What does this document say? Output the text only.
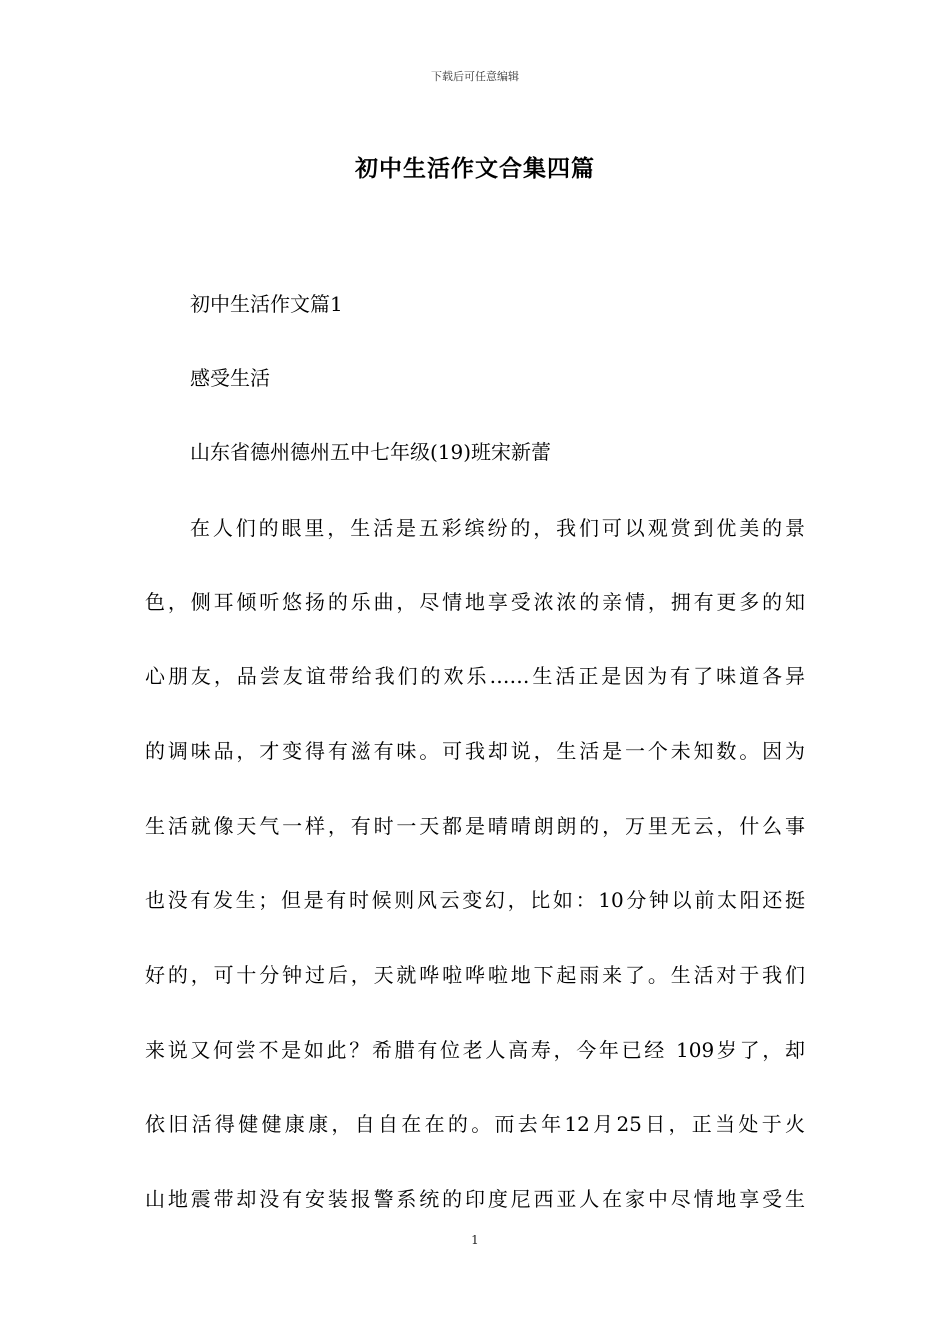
下载后可任意编辑
初中生活作文合集四篇
初中生活作文篇1
感受生活
山东省德州德州五中七年级(19)班宋新蕾
在人们的眼里，生活是五彩缤纷的，我们可以观赏到优美的景
色，侧耳倾听悠扬的乐曲，尽情地享受浓浓的亲情，拥有更多的知
心朋友，品尝友谊带给我们的欢乐……生活正是因为有了味道各异
的调味品，才变得有滋有味。可我却说，生活是一个未知数。因为
生活就像天气一样，有时一天都是晴晴朗朗的，万里无云，什么事
也没有发生；但是有时候则风云变幻，比如：10分钟以前太阳还挺
好的，可十分钟过后，天就哗啦哗啦地下起雨来了。生活对于我们
来说又何尝不是如此？希腊有位老人高寿，今年已经 109岁了，却
依旧活得健健康康，自自在在的。而去年12月25日，正当处于火
山地震带却没有安装报警系统的印度尼西亚人在家中尽情地享受生
1
